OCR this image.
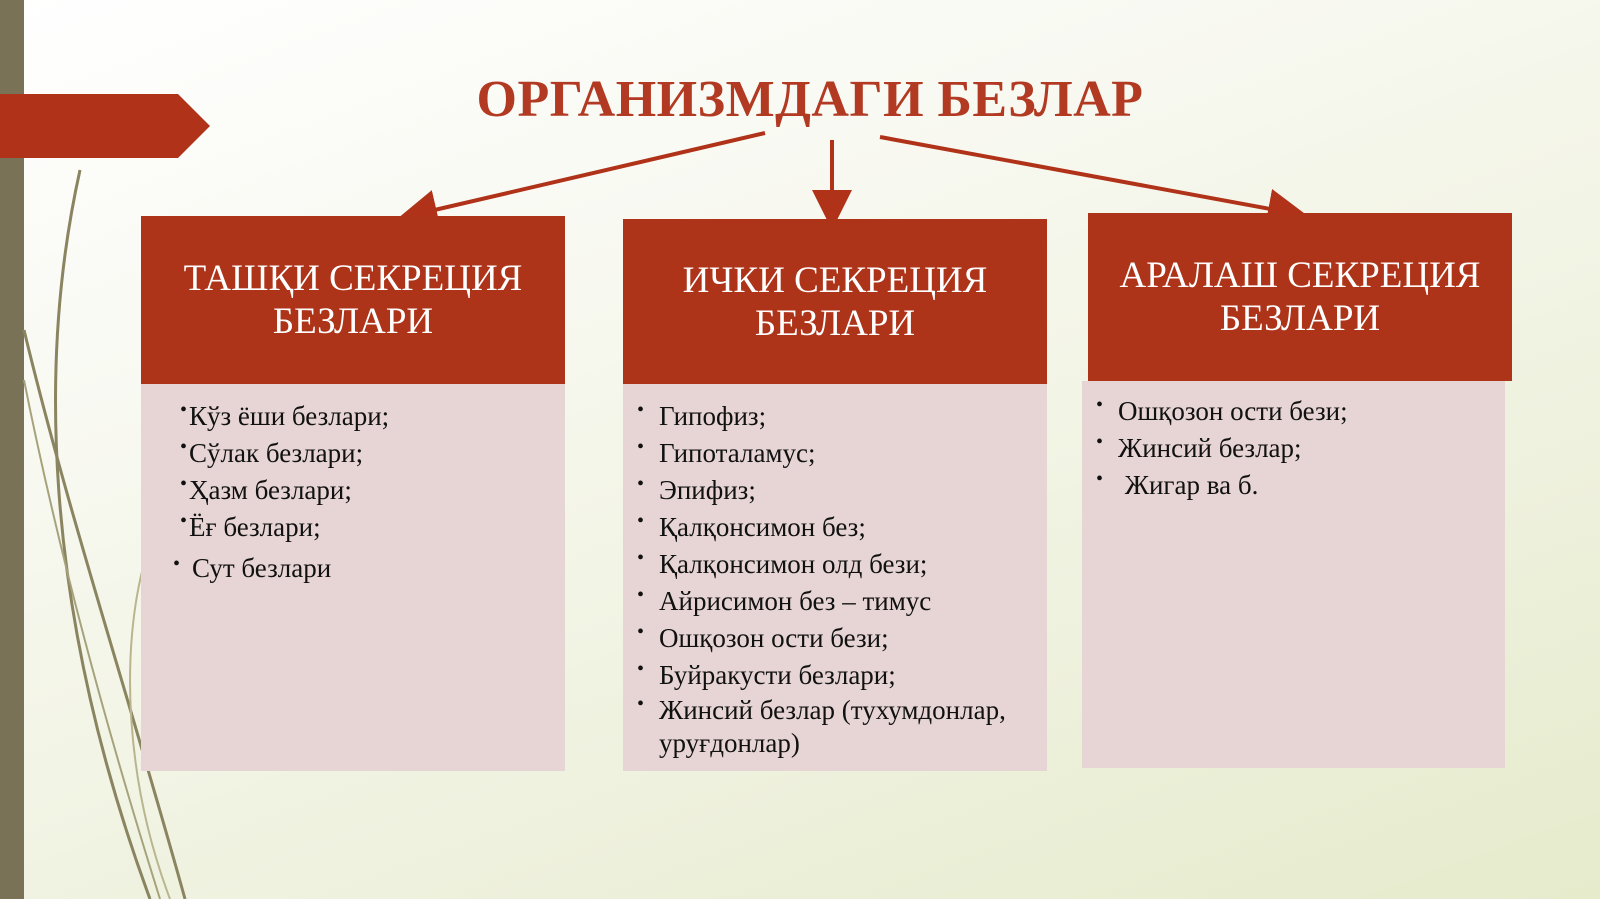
ОРГАНИЗМДАГИ БЕЗЛАР
ТАШҚИ СЕКРЕЦИЯ БЕЗЛАРИ
• Кўз ёши безлари;
• Сўлак безлари;
• Ҳазм безлари;
• Ёғ безлари;
• Сут безлари
ИЧКИ СЕКРЕЦИЯ БЕЗЛАРИ
• Гипофиз;
• Гипоталамус;
• Эпифиз;
• Қалқонсимон без;
• Қалқонсимон олд бези;
• Айрисимон без – тимус
• Ошқозон ости бези;
• Буйракусти безлари;
• Жинсий безлар (тухумдонлар, уруғдонлар)
АРАЛАШ СЕКРЕЦИЯ БЕЗЛАРИ
• Ошқозон ости бези;
• Жинсий безлар;
•  Жигар ва б.
